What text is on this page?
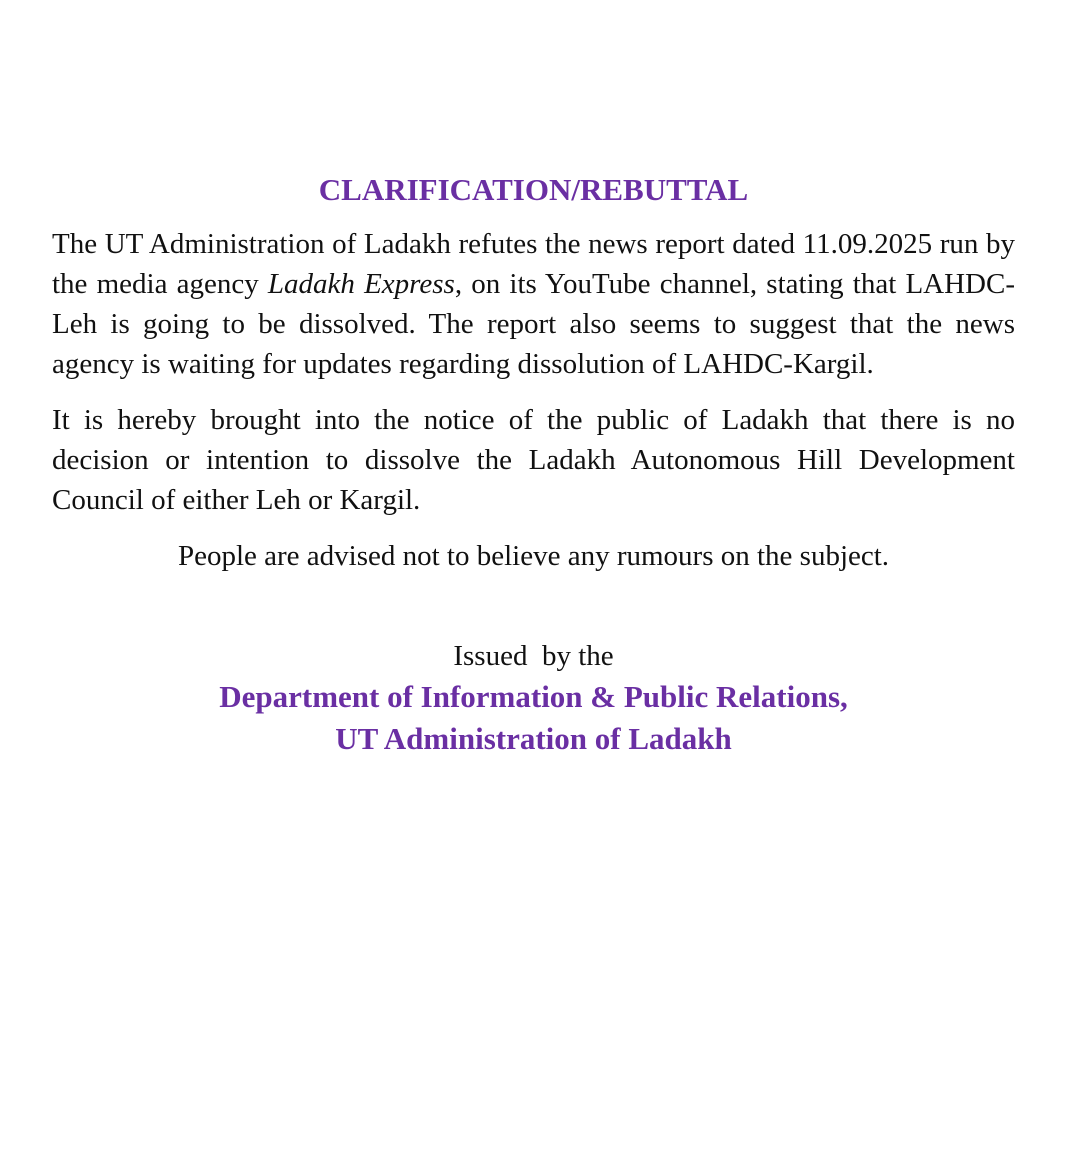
CLARIFICATION/REBUTTAL

The UT Administration of Ladakh refutes the news report dated 11.09.2025 run by the media agency Ladakh Express, on its YouTube channel, stating that LAHDC-Leh is going to be dissolved. The report also seems to suggest that the news agency is waiting for updates regarding dissolution of LAHDC-Kargil.

It is hereby brought into the notice of the public of Ladakh that there is no decision or intention to dissolve the Ladakh Autonomous Hill Development Council of either Leh or Kargil.

People are advised not to believe any rumours on the subject.

Issued  by the
Department of Information & Public Relations,
UT Administration of Ladakh
